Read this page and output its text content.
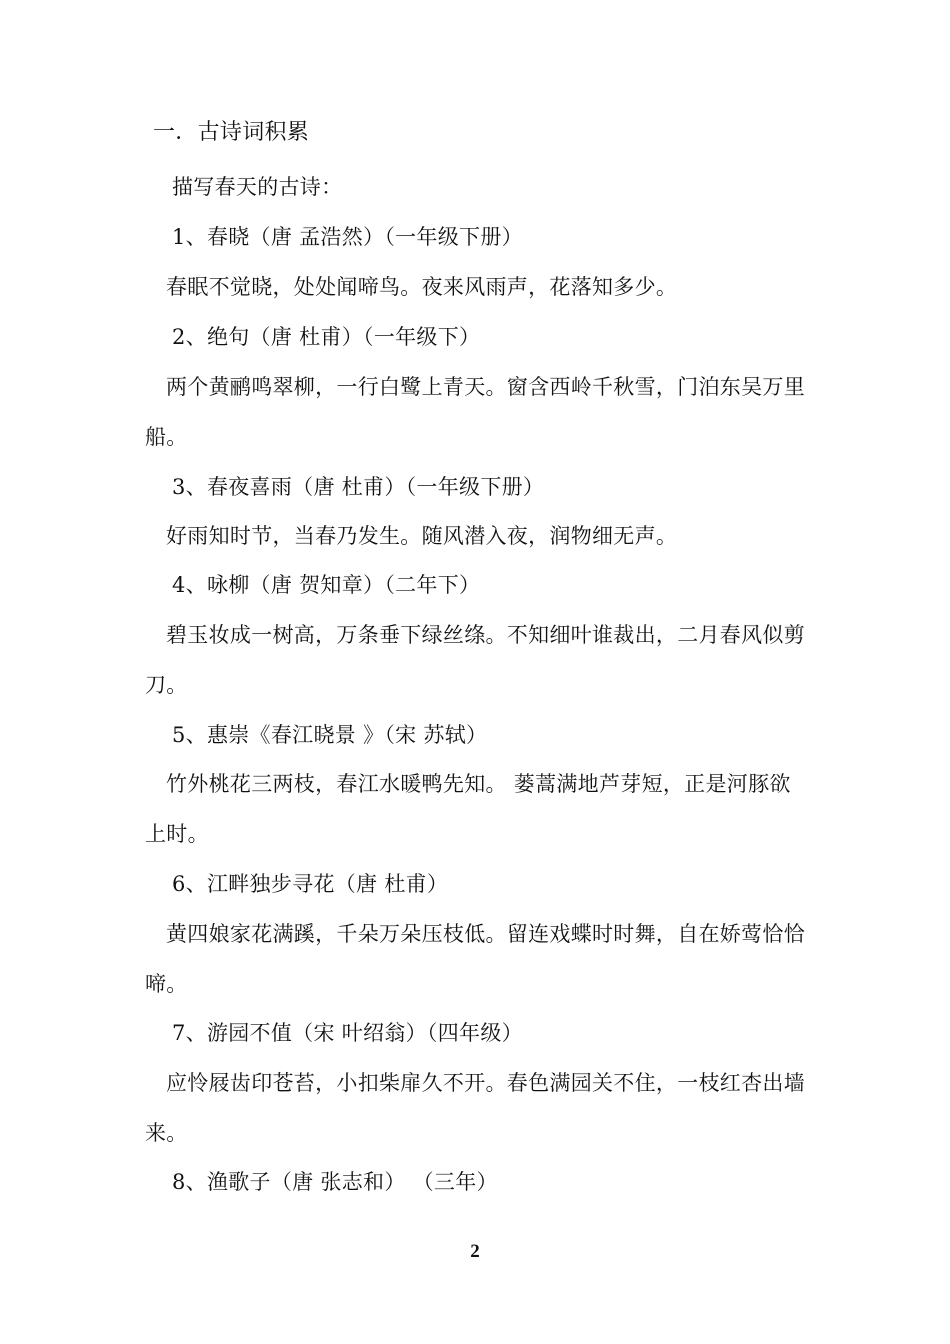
一．古诗词积累
描写春天的古诗：
1、春晓（唐 孟浩然）（一年级下册）
春眠不觉晓，处处闻啼鸟。夜来风雨声，花落知多少。
2、绝句（唐 杜甫）（一年级下）
两个黄鹂鸣翠柳，一行白鹭上青天。窗含西岭千秋雪，门泊东吴万里
船。
3、春夜喜雨（唐 杜甫）（一年级下册）
好雨知时节，当春乃发生。随风潜入夜，润物细无声。
4、咏柳（唐 贺知章）（二年下）
碧玉妆成一树高，万条垂下绿丝绦。不知细叶谁裁出，二月春风似剪
刀。
5、惠崇《春江晓景 》（宋 苏轼）
竹外桃花三两枝，春江水暖鸭先知。 蒌蒿满地芦芽短，正是河豚欲
上时。
6、江畔独步寻花（唐 杜甫）
黄四娘家花满蹊，千朵万朵压枝低。留连戏蝶时时舞，自在娇莺恰恰
啼。
7、游园不值（宋 叶绍翁）（四年级）
应怜屐齿印苍苔，小扣柴扉久不开。春色满园关不住，一枝红杏出墙
来。
8、渔歌子（唐 张志和） （三年）
2
